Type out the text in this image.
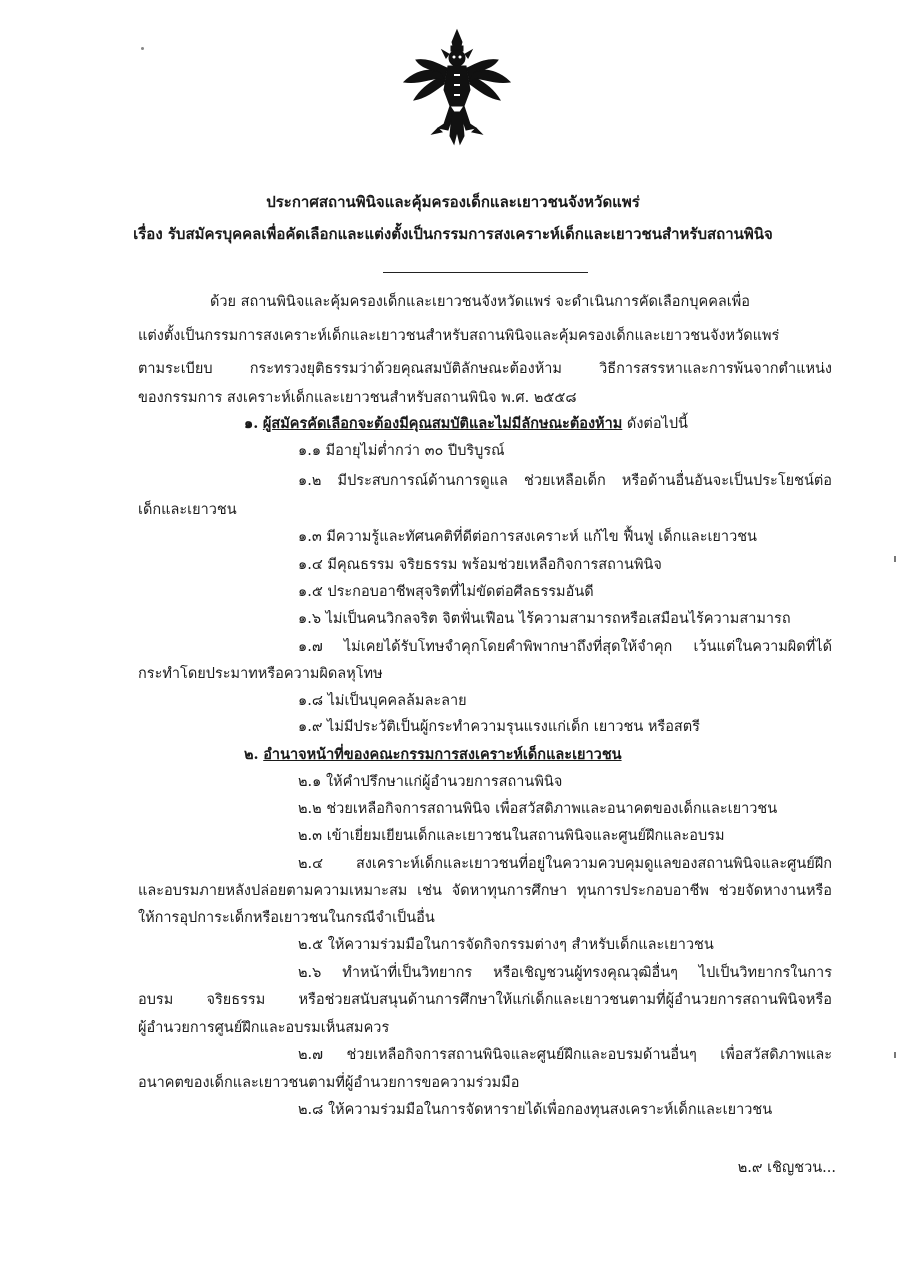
ประกาศสถานพินิจและคุ้มครองเด็กและเยาวชนจังหวัดแพร่
เรื่อง รับสมัครบุคคลเพื่อคัดเลือกและแต่งตั้งเป็นกรรมการสงเคราะห์เด็กและเยาวชนสำหรับสถานพินิจ
ด้วย สถานพินิจและคุ้มครองเด็กและเยาวชนจังหวัดแพร่ จะดำเนินการคัดเลือกบุคคลเพื่อ
แต่งตั้งเป็นกรรมการสงเคราะห์เด็กและเยาวชนสำหรับสถานพินิจและคุ้มครองเด็กและเยาวชนจังหวัดแพร่
ตามระเบียบ กระทรวงยุติธรรมว่าด้วยคุณสมบัติลักษณะต้องห้าม วิธีการสรรหาและการพ้นจากตำแหน่ง
ของกรรมการ สงเคราะห์เด็กและเยาวชนสำหรับสถานพินิจ พ.ศ. ๒๕๕๘
๑. ผู้สมัครคัดเลือกจะต้องมีคุณสมบัติและไม่มีลักษณะต้องห้าม ดังต่อไปนี้
๑.๑ มีอายุไม่ต่ำกว่า ๓๐ ปีบริบูรณ์
๑.๒ มีประสบการณ์ด้านการดูแล ช่วยเหลือเด็ก หรือด้านอื่นอันจะเป็นประโยชน์ต่อ
เด็กและเยาวชน
๑.๓ มีความรู้และทัศนคติที่ดีต่อการสงเคราะห์ แก้ไข ฟื้นฟู เด็กและเยาวชน
๑.๔ มีคุณธรรม จริยธรรม พร้อมช่วยเหลือกิจการสถานพินิจ
๑.๕ ประกอบอาชีพสุจริตที่ไม่ขัดต่อศีลธรรมอันดี
๑.๖ ไม่เป็นคนวิกลจริต จิตฟั่นเฟือน ไร้ความสามารถหรือเสมือนไร้ความสามารถ
๑.๗ ไม่เคยได้รับโทษจำคุกโดยคำพิพากษาถึงที่สุดให้จำคุก เว้นแต่ในความผิดที่ได้
กระทำโดยประมาทหรือความผิดลหุโทษ
๑.๘ ไม่เป็นบุคคลล้มละลาย
๑.๙ ไม่มีประวัติเป็นผู้กระทำความรุนแรงแก่เด็ก เยาวชน หรือสตรี
๒. อำนาจหน้าที่ของคณะกรรมการสงเคราะห์เด็กและเยาวชน
๒.๑ ให้คำปรึกษาแก่ผู้อำนวยการสถานพินิจ
๒.๒ ช่วยเหลือกิจการสถานพินิจ เพื่อสวัสดิภาพและอนาคตของเด็กและเยาวชน
๒.๓ เข้าเยี่ยมเยียนเด็กและเยาวชนในสถานพินิจและศูนย์ฝึกและอบรม
๒.๔ สงเคราะห์เด็กและเยาวชนที่อยู่ในความควบคุมดูแลของสถานพินิจและศูนย์ฝึก
และอบรมภายหลังปล่อยตามความเหมาะสม เช่น จัดหาทุนการศึกษา ทุนการประกอบอาชีพ ช่วยจัดหางานหรือ
ให้การอุปการะเด็กหรือเยาวชนในกรณีจำเป็นอื่น
๒.๕ ให้ความร่วมมือในการจัดกิจกรรมต่างๆ สำหรับเด็กและเยาวชน
๒.๖ ทำหน้าที่เป็นวิทยากร หรือเชิญชวนผู้ทรงคุณวุฒิอื่นๆ ไปเป็นวิทยากรในการ
อบรม จริยธรรม หรือช่วยสนับสนุนด้านการศึกษาให้แก่เด็กและเยาวชนตามที่ผู้อำนวยการสถานพินิจหรือ
ผู้อำนวยการศูนย์ฝึกและอบรมเห็นสมควร
๒.๗ ช่วยเหลือกิจการสถานพินิจและศูนย์ฝึกและอบรมด้านอื่นๆ เพื่อสวัสดิภาพและ
อนาคตของเด็กและเยาวชนตามที่ผู้อำนวยการขอความร่วมมือ
๒.๘ ให้ความร่วมมือในการจัดหารายได้เพื่อกองทุนสงเคราะห์เด็กและเยาวชน
๒.๙ เชิญชวน...
